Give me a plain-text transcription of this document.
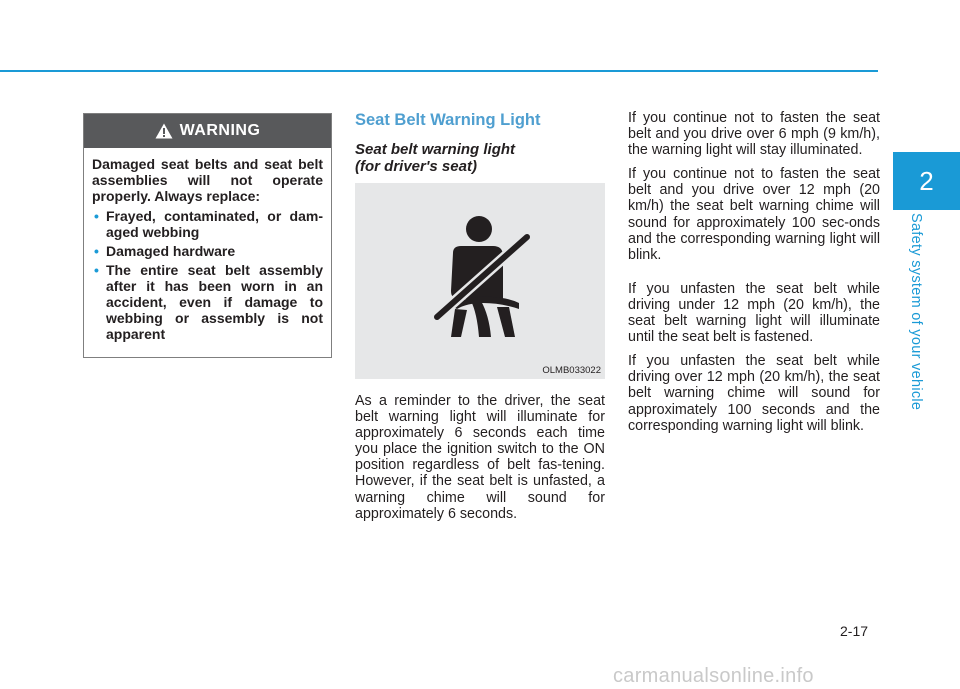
2
Safety system of your vehicle
WARNING

Damaged seat belts and seat belt assemblies will not operate properly. Always replace:

• Frayed, contaminated, or dam-aged webbing
• Damaged hardware
• The entire seat belt assembly after it has been worn in an accident, even if damage to webbing or assembly is not apparent
Seat Belt Warning Light
Seat belt warning light
(for driver's seat)
OLMB033022

As a reminder to the driver, the seat belt warning light will illuminate for approximately 6 seconds each time you place the ignition switch to the ON position regardless of belt fas-tening. However, if the seat belt is unfasted, a warning chime will sound for approximately 6 seconds.

If you continue not to fasten the seat belt and you drive over 6 mph (9 km/h), the warning light will stay illuminated.

If you continue not to fasten the seat belt and you drive over 12 mph (20 km/h) the seat belt warning chime will sound for approximately 100 sec-onds and the corresponding warning light will blink.

If you unfasten the seat belt while driving under 12 mph (20 km/h), the seat belt warning light will illuminate until the seat belt is fastened.

If you unfasten the seat belt while driving over 12 mph (20 km/h), the seat belt warning chime will sound for approximately 100 seconds and the corresponding warning light will blink.

2-17
carmanualsonline.info
